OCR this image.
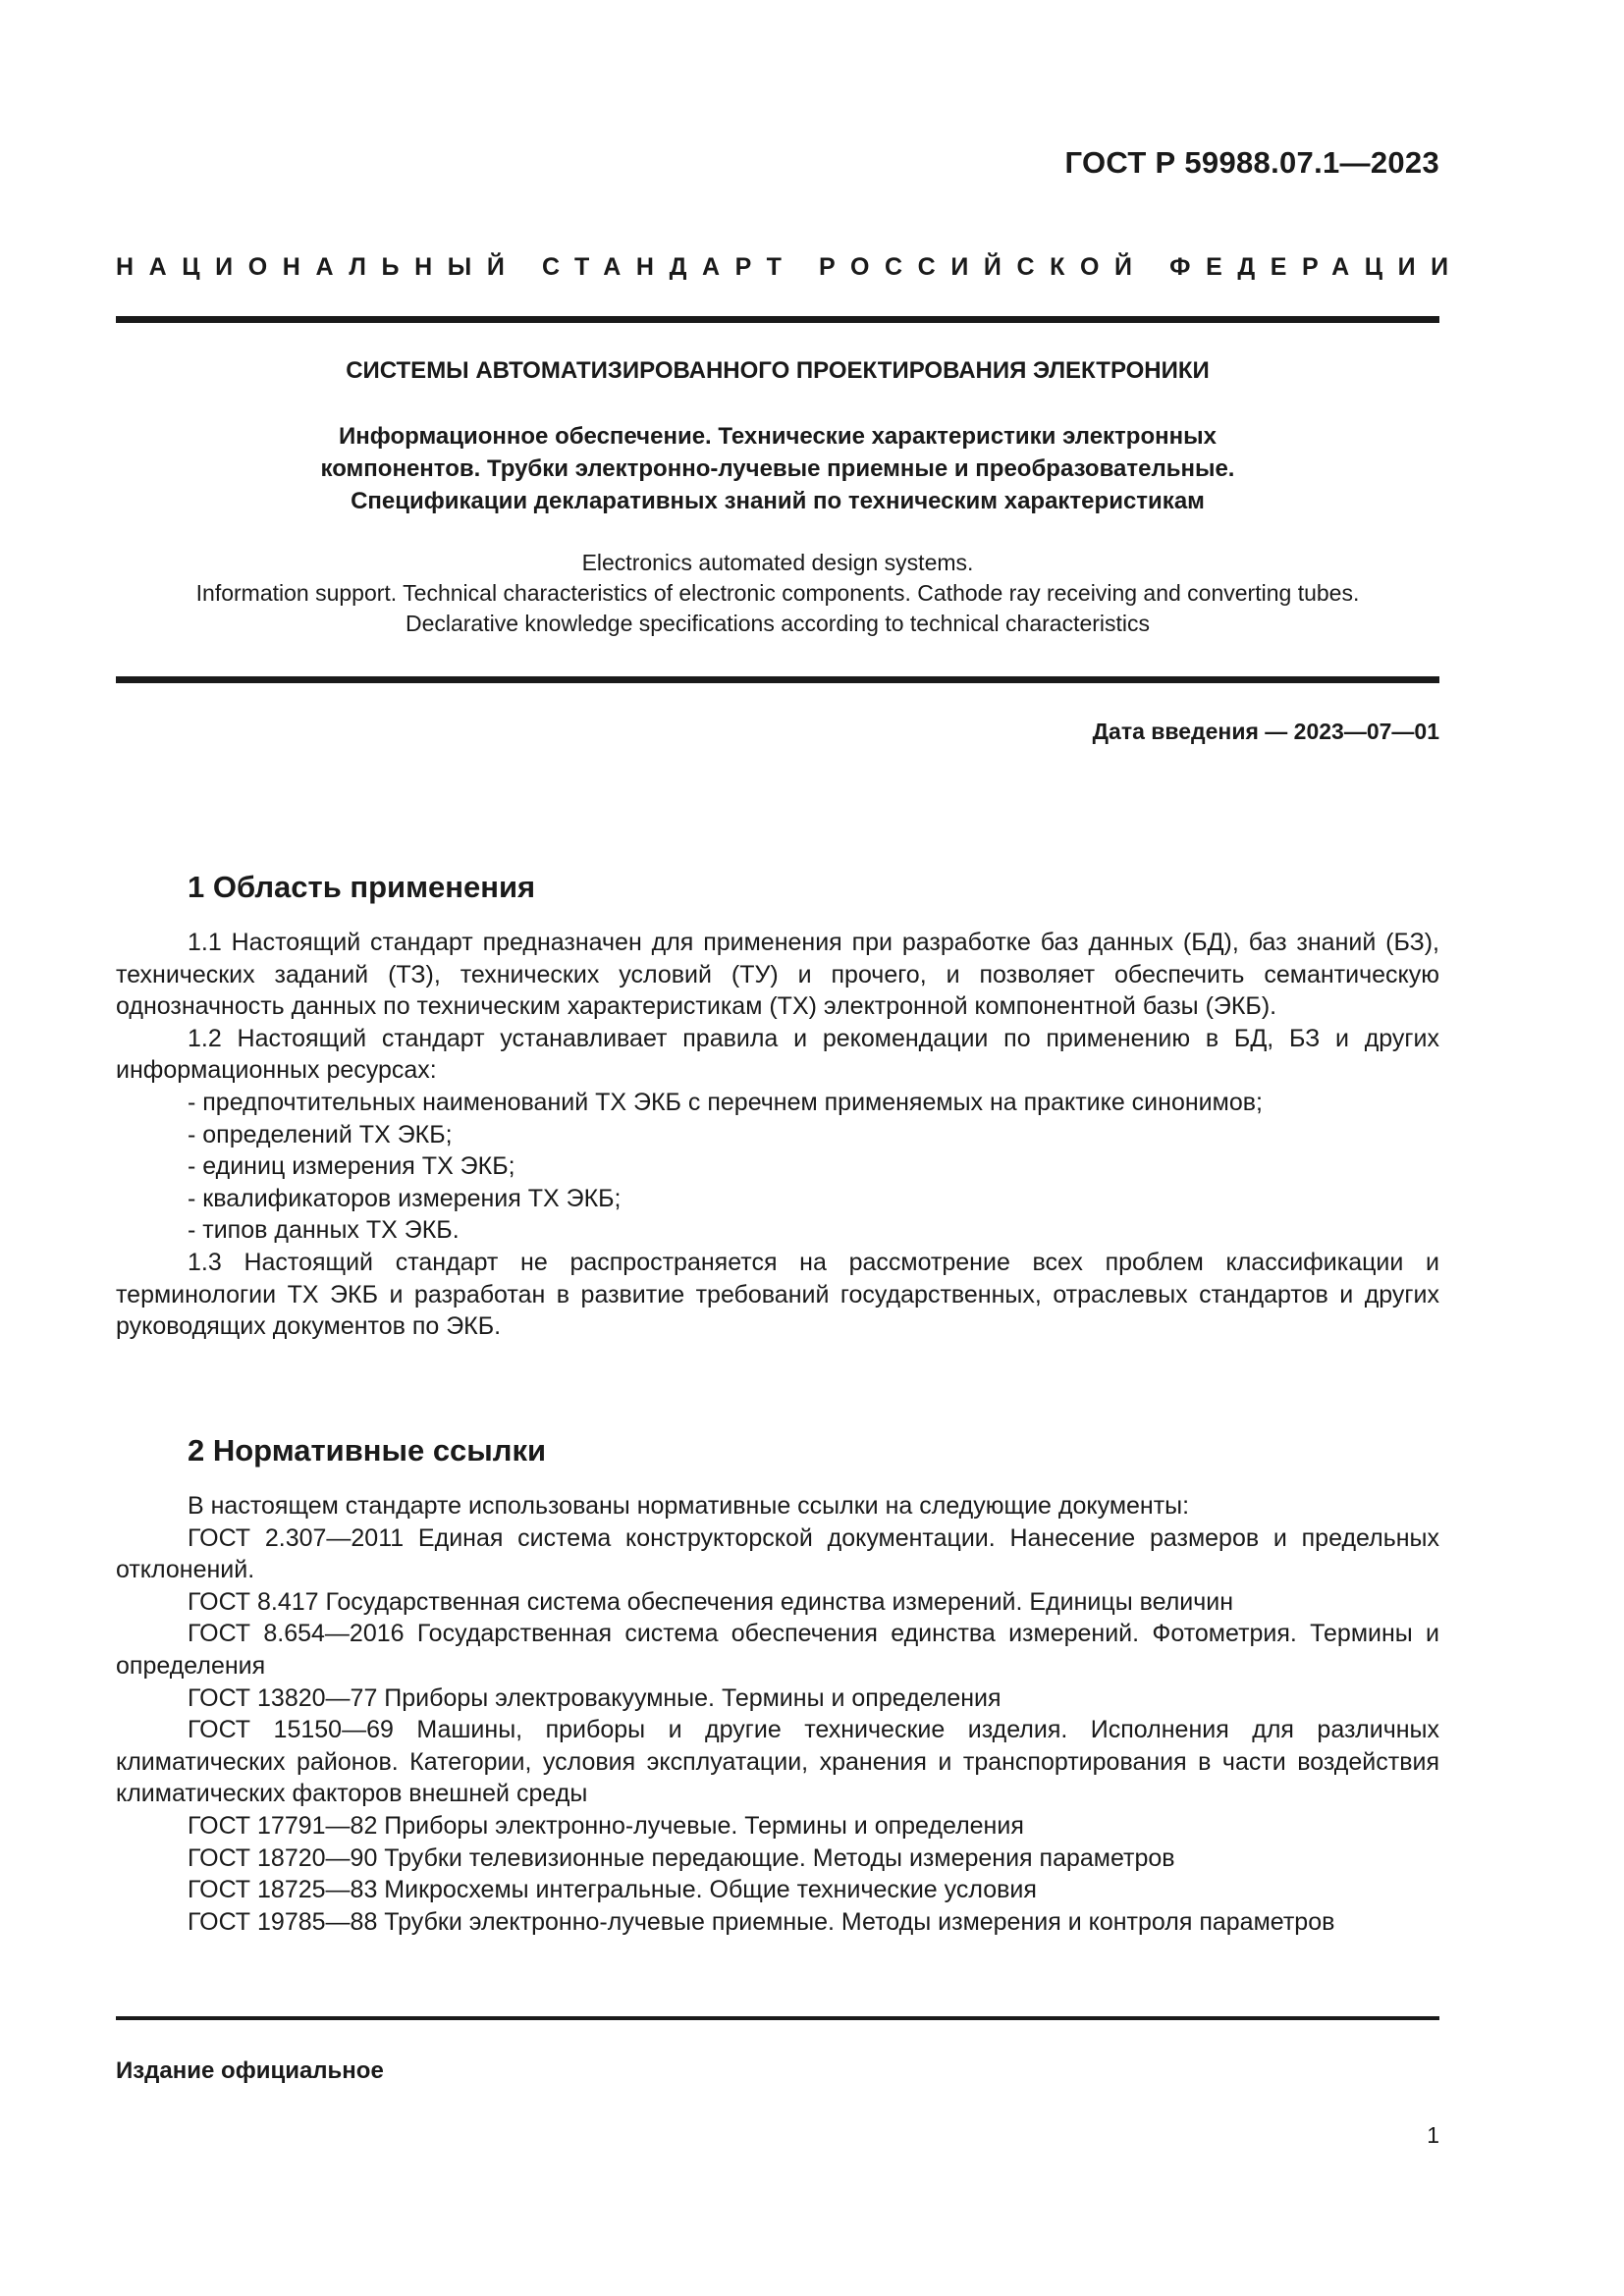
ГОСТ Р 59988.07.1—2023
НАЦИОНАЛЬНЫЙ СТАНДАРТ РОССИЙСКОЙ ФЕДЕРАЦИИ
СИСТЕМЫ АВТОМАТИЗИРОВАННОГО ПРОЕКТИРОВАНИЯ ЭЛЕКТРОНИКИ
Информационное обеспечение. Технические характеристики электронных
компонентов. Трубки электронно-лучевые приемные и преобразовательные.
Спецификации декларативных знаний по техническим характеристикам
Electronics automated design systems.
Information support. Technical characteristics of electronic components. Cathode ray receiving and converting tubes.
Declarative knowledge specifications according to technical characteristics
Дата введения — 2023—07—01
1 Область применения

1.1 Настоящий стандарт предназначен для применения при разработке баз данных (БД), баз знаний (БЗ), технических заданий (ТЗ), технических условий (ТУ) и прочего, и позволяет обеспечить семантическую однозначность данных по техническим характеристикам (ТХ) электронной компонентной базы (ЭКБ).

1.2 Настоящий стандарт устанавливает правила и рекомендации по применению в БД, БЗ и других информационных ресурсах:

- предпочтительных наименований ТХ ЭКБ с перечнем применяемых на практике синонимов;

- определений ТХ ЭКБ;

- единиц измерения ТХ ЭКБ;

- квалификаторов измерения ТХ ЭКБ;

- типов данных ТХ ЭКБ.

1.3 Настоящий стандарт не распространяется на рассмотрение всех проблем классификации и терминологии ТХ ЭКБ и разработан в развитие требований государственных, отраслевых стандартов и других руководящих документов по ЭКБ.

2 Нормативные ссылки

В настоящем стандарте использованы нормативные ссылки на следующие документы:

ГОСТ 2.307—2011 Единая система конструкторской документации. Нанесение размеров и предельных отклонений.

ГОСТ 8.417 Государственная система обеспечения единства измерений. Единицы величин

ГОСТ 8.654—2016 Государственная система обеспечения единства измерений. Фотометрия. Термины и определения

ГОСТ 13820—77 Приборы электровакуумные. Термины и определения

ГОСТ 15150—69 Машины, приборы и другие технические изделия. Исполнения для различных климатических районов. Категории, условия эксплуатации, хранения и транспортирования в части воздействия климатических факторов внешней среды

ГОСТ 17791—82 Приборы электронно-лучевые. Термины и определения

ГОСТ 18720—90 Трубки телевизионные передающие. Методы измерения параметров

ГОСТ 18725—83 Микросхемы интегральные. Общие технические условия

ГОСТ 19785—88 Трубки электронно-лучевые приемные. Методы измерения и контроля параметров

Издание официальное
1
